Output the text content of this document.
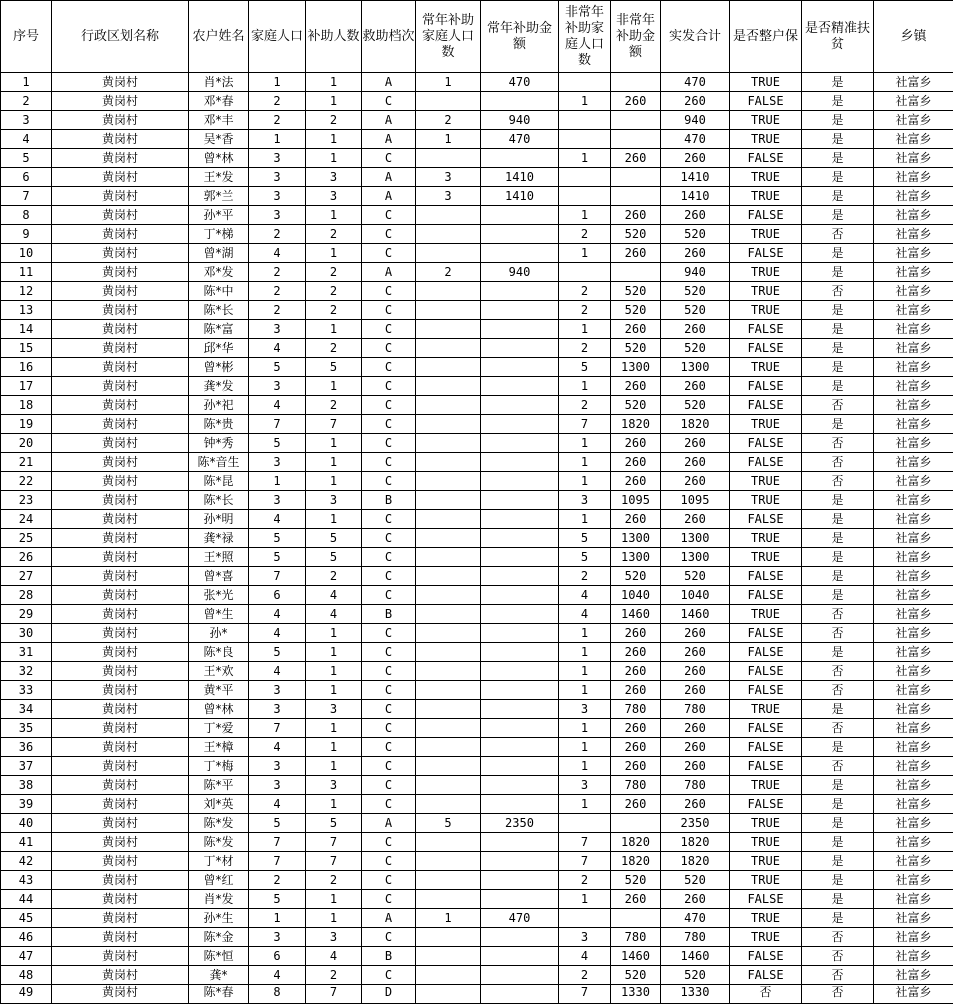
序号	行政区划名称	农户姓名	家庭人口	补助人数	救助档次	常年补助家庭人口数	常年补助金额	非常年补助家庭人口数	非常年补助金额	实发合计	是否整户保	是否精准扶贫	乡镇
1	黄岗村	肖*法	1	1	A	1	470			470	TRUE	是	社富乡
2	黄岗村	邓*春	2	1	C			1	260	260	FALSE	是	社富乡
3	黄岗村	邓*丰	2	2	A	2	940			940	TRUE	是	社富乡
4	黄岗村	吴*香	1	1	A	1	470			470	TRUE	是	社富乡
5	黄岗村	曾*林	3	1	C			1	260	260	FALSE	是	社富乡
6	黄岗村	王*发	3	3	A	3	1410			1410	TRUE	是	社富乡
7	黄岗村	郭*兰	3	3	A	3	1410			1410	TRUE	是	社富乡
8	黄岗村	孙*平	3	1	C			1	260	260	FALSE	是	社富乡
9	黄岗村	丁*梯	2	2	C			2	520	520	TRUE	否	社富乡
10	黄岗村	曾*湖	4	1	C			1	260	260	FALSE	是	社富乡
11	黄岗村	邓*发	2	2	A	2	940			940	TRUE	是	社富乡
12	黄岗村	陈*中	2	2	C			2	520	520	TRUE	否	社富乡
13	黄岗村	陈*长	2	2	C			2	520	520	TRUE	是	社富乡
14	黄岗村	陈*富	3	1	C			1	260	260	FALSE	是	社富乡
15	黄岗村	邱*华	4	2	C			2	520	520	FALSE	是	社富乡
16	黄岗村	曾*彬	5	5	C			5	1300	1300	TRUE	是	社富乡
17	黄岗村	龚*发	3	1	C			1	260	260	FALSE	是	社富乡
18	黄岗村	孙*祀	4	2	C			2	520	520	FALSE	否	社富乡
19	黄岗村	陈*贵	7	7	C			7	1820	1820	TRUE	是	社富乡
20	黄岗村	钟*秀	5	1	C			1	260	260	FALSE	否	社富乡
21	黄岗村	陈*音生	3	1	C			1	260	260	FALSE	否	社富乡
22	黄岗村	陈*昆	1	1	C			1	260	260	TRUE	否	社富乡
23	黄岗村	陈*长	3	3	B			3	1095	1095	TRUE	是	社富乡
24	黄岗村	孙*明	4	1	C			1	260	260	FALSE	是	社富乡
25	黄岗村	龚*禄	5	5	C			5	1300	1300	TRUE	是	社富乡
26	黄岗村	王*照	5	5	C			5	1300	1300	TRUE	是	社富乡
27	黄岗村	曾*喜	7	2	C			2	520	520	FALSE	是	社富乡
28	黄岗村	张*光	6	4	C			4	1040	1040	FALSE	是	社富乡
29	黄岗村	曾*生	4	4	B			4	1460	1460	TRUE	否	社富乡
30	黄岗村	孙*	4	1	C			1	260	260	FALSE	否	社富乡
31	黄岗村	陈*良	5	1	C			1	260	260	FALSE	是	社富乡
32	黄岗村	王*欢	4	1	C			1	260	260	FALSE	否	社富乡
33	黄岗村	黄*平	3	1	C			1	260	260	FALSE	否	社富乡
34	黄岗村	曾*林	3	3	C			3	780	780	TRUE	是	社富乡
35	黄岗村	丁*爱	7	1	C			1	260	260	FALSE	否	社富乡
36	黄岗村	王*樟	4	1	C			1	260	260	FALSE	是	社富乡
37	黄岗村	丁*梅	3	1	C			1	260	260	FALSE	否	社富乡
38	黄岗村	陈*平	3	3	C			3	780	780	TRUE	是	社富乡
39	黄岗村	刘*英	4	1	C			1	260	260	FALSE	是	社富乡
40	黄岗村	陈*发	5	5	A	5	2350			2350	TRUE	是	社富乡
41	黄岗村	陈*发	7	7	C			7	1820	1820	TRUE	是	社富乡
42	黄岗村	丁*材	7	7	C			7	1820	1820	TRUE	是	社富乡
43	黄岗村	曾*红	2	2	C			2	520	520	TRUE	是	社富乡
44	黄岗村	肖*发	5	1	C			1	260	260	FALSE	是	社富乡
45	黄岗村	孙*生	1	1	A	1	470			470	TRUE	是	社富乡
46	黄岗村	陈*金	3	3	C			3	780	780	TRUE	否	社富乡
47	黄岗村	陈*恒	6	4	B			4	1460	1460	FALSE	否	社富乡
48	黄岗村	龚*	4	2	C			2	520	520	FALSE	否	社富乡
49	黄岗村	陈*春	8	7	D			7	1330	1330	否	否	社富乡
